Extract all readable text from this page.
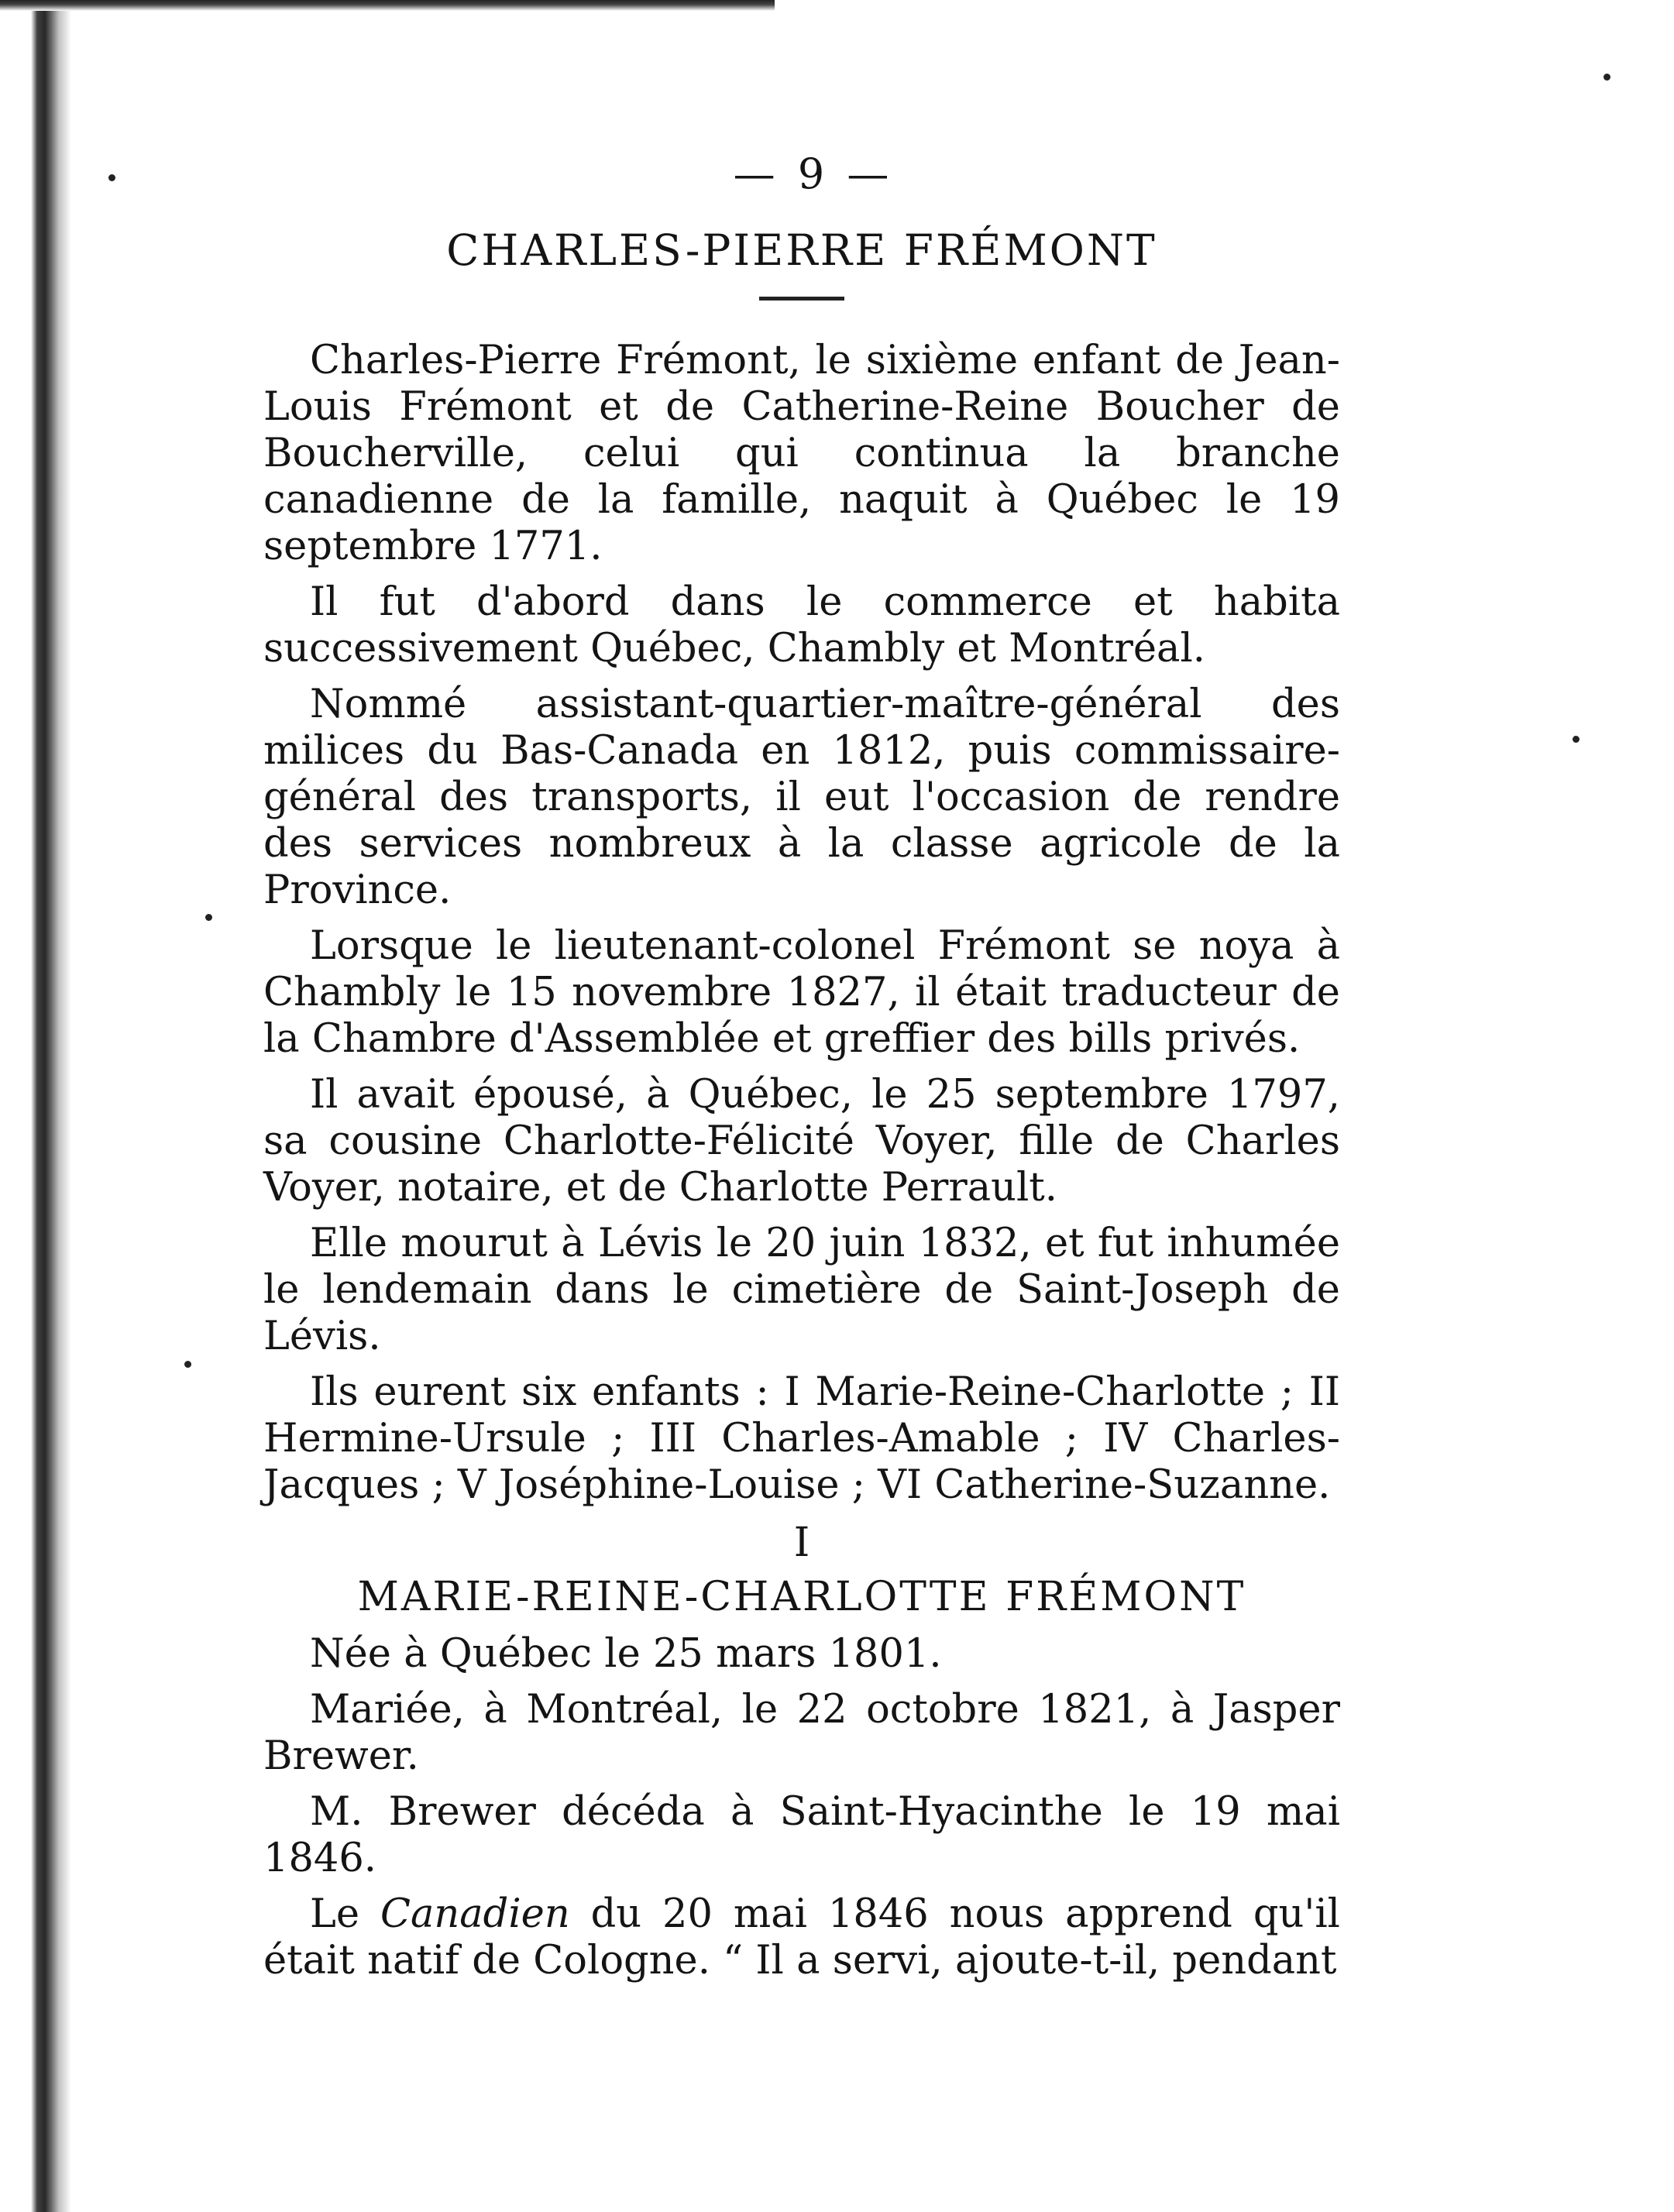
— 9 —
CHARLES-PIERRE FRÉMONT

Charles-Pierre Frémont, le sixième enfant de Jean-Louis Frémont et de Catherine-Reine Boucher de Boucherville, celui qui continua la branche canadienne de la famille, naquit à Québec le 19 septembre 1771.

Il fut d'abord dans le commerce et habita successivement Québec, Chambly et Montréal.

Nommé assistant-quartier-maître-général des milices du Bas-Canada en 1812, puis commissaire-général des transports, il eut l'occasion de rendre des services nombreux à la classe agricole de la Province.

Lorsque le lieutenant-colonel Frémont se noya à Chambly le 15 novembre 1827, il était traducteur de la Chambre d'Assemblée et greffier des bills privés.

Il avait épousé, à Québec, le 25 septembre 1797, sa cousine Charlotte-Félicité Voyer, fille de Charles Voyer, notaire, et de Charlotte Perrault.

Elle mourut à Lévis le 20 juin 1832, et fut inhumée le lendemain dans le cimetière de Saint-Joseph de Lévis.

Ils eurent six enfants : I Marie-Reine-Charlotte ; II Hermine-Ursule ; III Charles-Amable ; IV Charles-Jacques ; V Joséphine-Louise ; VI Catherine-Suzanne.

I
MARIE-REINE-CHARLOTTE FRÉMONT

Née à Québec le 25 mars 1801.

Mariée, à Montréal, le 22 octobre 1821, à Jasper Brewer.

M. Brewer décéda à Saint-Hyacinthe le 19 mai 1846.

Le Canadien du 20 mai 1846 nous apprend qu'il était natif de Cologne. “ Il a servi, ajoute-t-il, pendant
